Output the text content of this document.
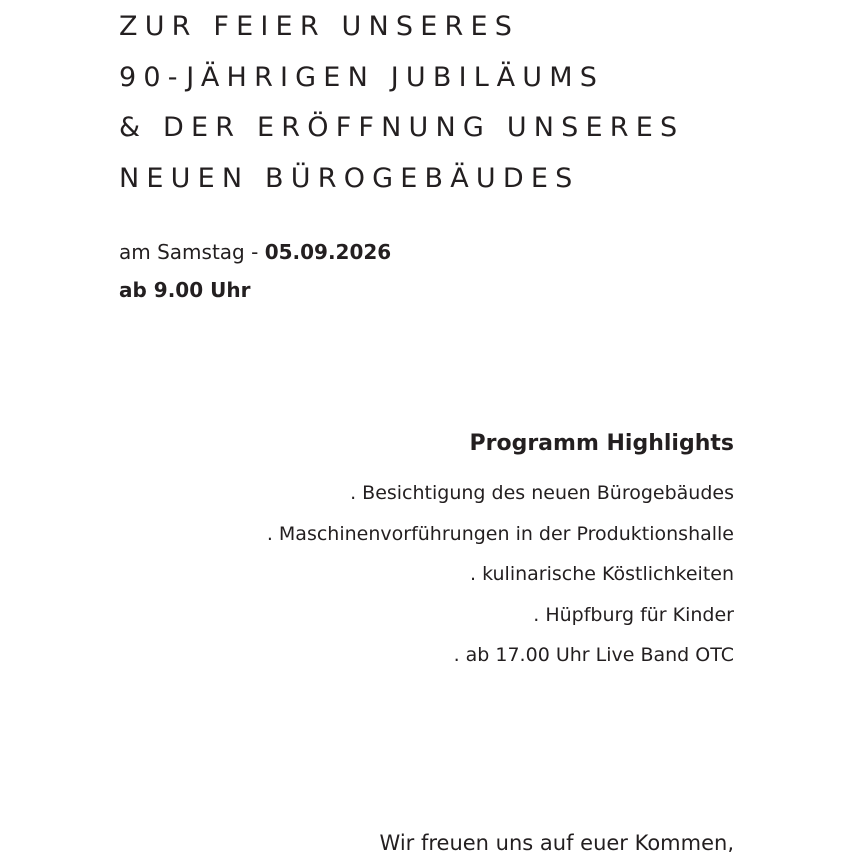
ZUR FEIER UNSERES
90-JÄHRIGEN JUBILÄUMS
& DER ERÖFFNUNG UNSERES
NEUEN BÜROGEBÄUDES
am Samstag - 05.09.2026
ab 9.00 Uhr
Programm Highlights
. Besichtigung des neuen Bürogebäudes
. Maschinenvorführungen in der Produktionshalle
. kulinarische Köstlichkeiten
. Hüpfburg für Kinder
. ab 17.00 Uhr Live Band OTC
Wir freuen uns auf euer Kommen,
